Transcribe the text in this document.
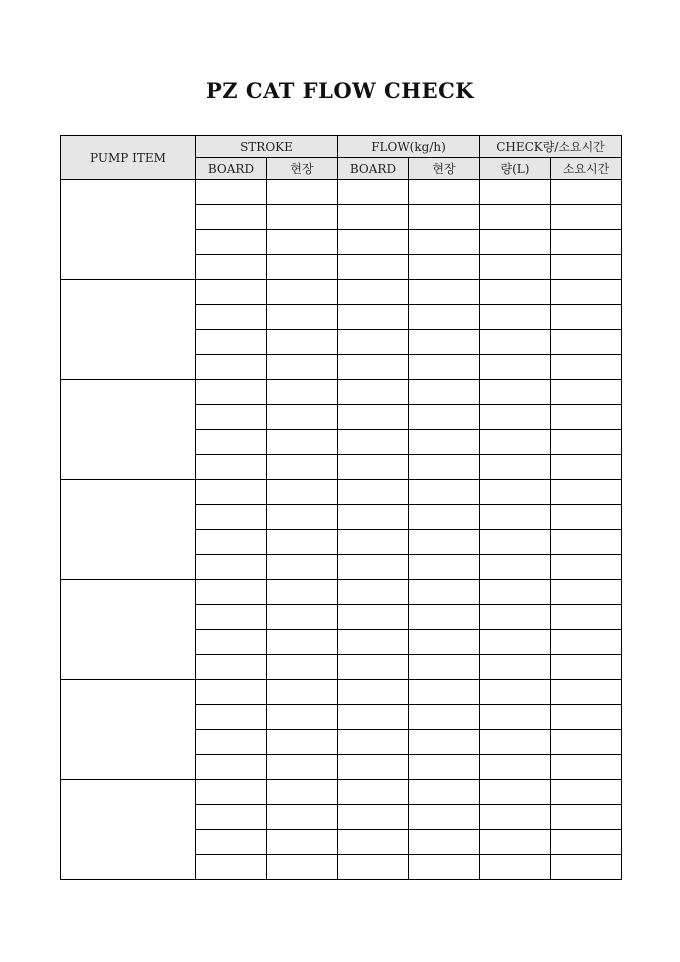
PZ CAT FLOW CHECK
PUMP ITEM	STROKE		FLOW(kg/h)		CHECK량/소요시간	
	BOARD	현장	BOARD	현장	량(L)	소요시간
